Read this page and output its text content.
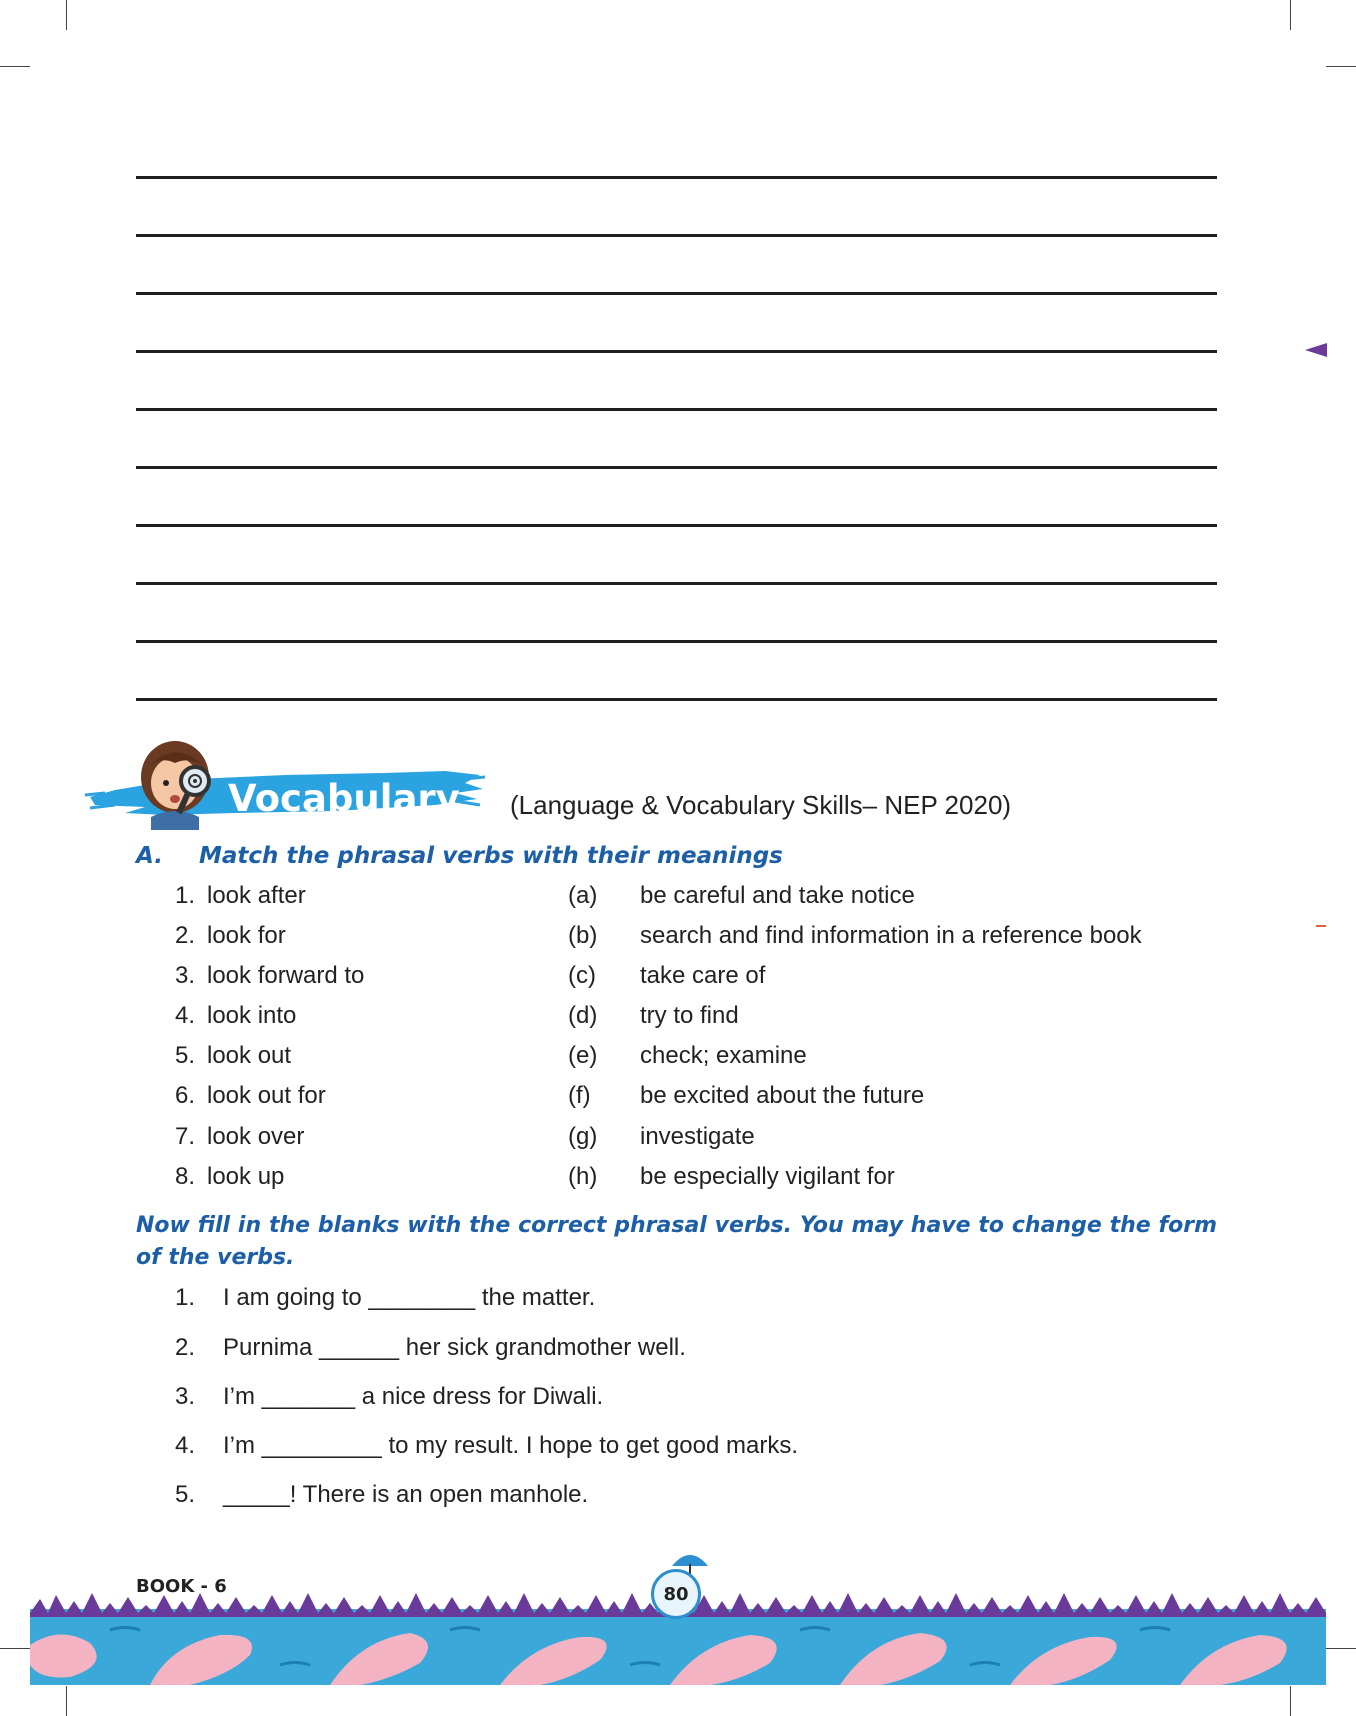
Vocabulary (Language & Vocabulary Skills– NEP 2020)
A. Match the phrasal verbs with their meanings
1. look after	(a) be careful and take notice
2. look for	(b) search and find information in a reference book
3. look forward to	(c) take care of
4. look into	(d) try to find
5. look out	(e) check; examine
6. look out for	(f) be excited about the future
7. look over	(g) investigate
8. look up	(h) be especially vigilant for
Now fill in the blanks with the correct phrasal verbs. You may have to change the form of the verbs.
1. I am going to ________ the matter.
2. Purnima ______ her sick grandmother well.
3. I’m _______ a nice dress for Diwali.
4. I’m _________ to my result. I hope to get good marks.
5. _____! There is an open manhole.
BOOK - 6	80
